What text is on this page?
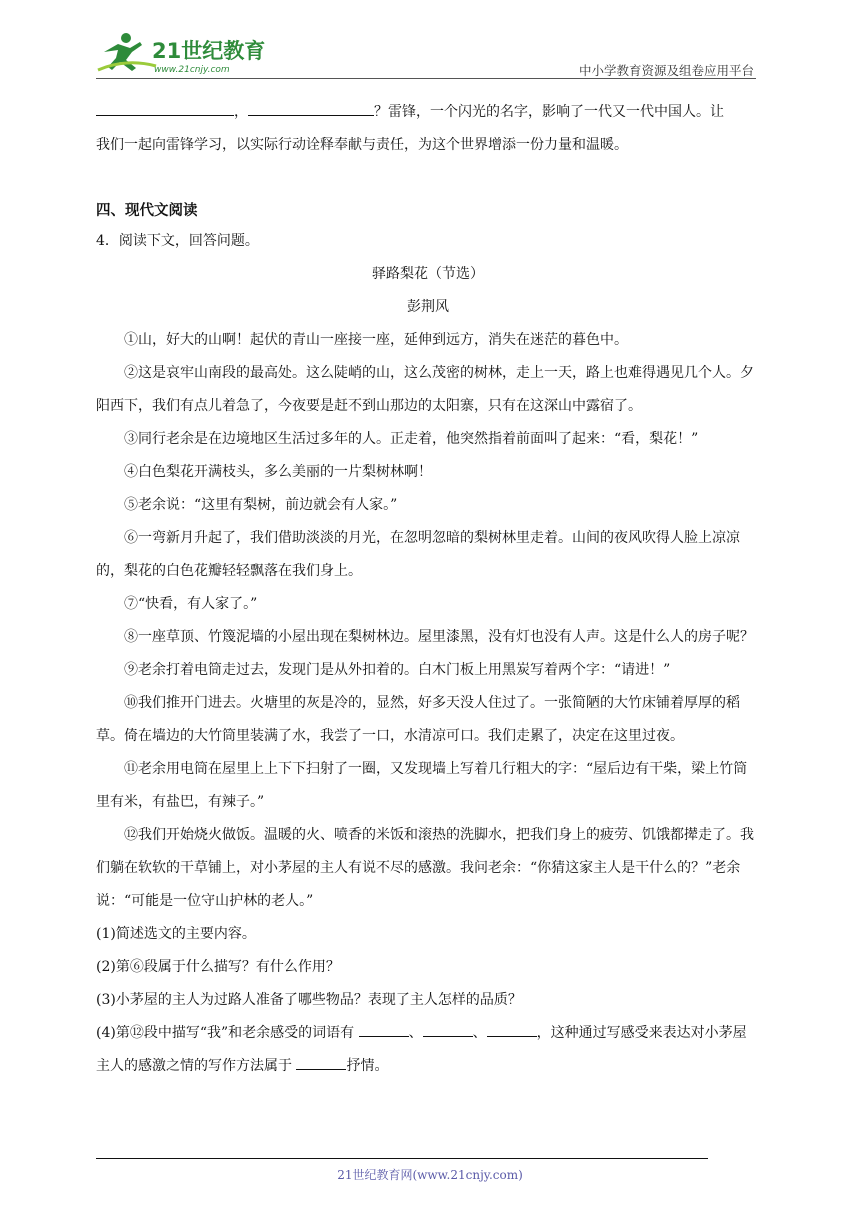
21世纪教育
www.21cnjy.com	中小学教育资源及组卷应用平台

，	？雷锋，一个闪光的名字，影响了一代又一代中国人。让

我们一起向雷锋学习，以实际行动诠释奉献与责任，为这个世界增添一份力量和温暖。

四、现代文阅读

4．阅读下文，回答问题。

驿路梨花（节选）

彭荆风

①山，好大的山啊！起伏的青山一座接一座，延伸到远方，消失在迷茫的暮色中。

②这是哀牢山南段的最高处。这么陡峭的山，这么茂密的树林，走上一天，路上也难得遇见几个人。夕阳西下，我们有点儿着急了，今夜要是赶不到山那边的太阳寨，只有在这深山中露宿了。

③同行老余是在边境地区生活过多年的人。正走着，他突然指着前面叫了起来：“看，梨花！”

④白色梨花开满枝头，多么美丽的一片梨树林啊！

⑤老余说：“这里有梨树，前边就会有人家。”

⑥一弯新月升起了，我们借助淡淡的月光，在忽明忽暗的梨树林里走着。山间的夜风吹得人脸上凉凉的，梨花的白色花瓣轻轻飘落在我们身上。

⑦“快看，有人家了。”

⑧一座草顶、竹篾泥墙的小屋出现在梨树林边。屋里漆黑，没有灯也没有人声。这是什么人的房子呢？

⑨老余打着电筒走过去，发现门是从外扣着的。白木门板上用黑炭写着两个字：“请进！”

⑩我们推开门进去。火塘里的灰是冷的，显然，好多天没人住过了。一张简陋的大竹床铺着厚厚的稻草。倚在墙边的大竹筒里装满了水，我尝了一口，水清凉可口。我们走累了，决定在这里过夜。

⑪老余用电筒在屋里上上下下扫射了一圈，又发现墙上写着几行粗大的字：“屋后边有干柴，梁上竹筒里有米，有盐巴，有辣子。”

⑫我们开始烧火做饭。温暖的火、喷香的米饭和滚热的洗脚水，把我们身上的疲劳、饥饿都撵走了。我们躺在软软的干草铺上，对小茅屋的主人有说不尽的感激。我问老余：“你猜这家主人是干什么的？”老余说：“可能是一位守山护林的老人。”

(1)简述选文的主要内容。

(2)第⑥段属于什么描写？有什么作用？

(3)小茅屋的主人为过路人准备了哪些物品？表现了主人怎样的品质？

(4)第⑫段中描写“我”和老余感受的词语有	、	、	，这种通过写感受来表达对小茅屋主人的感激之情的写作方法属于	抒情。

21世纪教育网(www.21cnjy.com)
